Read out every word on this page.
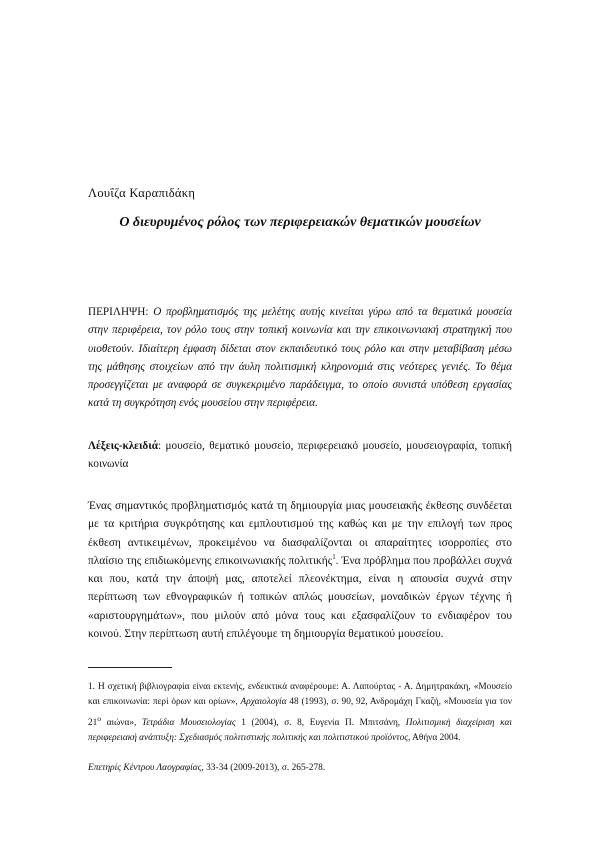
Λουΐζα Καραπιδάκη
Ο διευρυμένος ρόλος των περιφερειακών θεματικών μουσείων
ΠΕΡΙΛΗΨΗ: Ο προβληματισμός της μελέτης αυτής κινείται γύρω από τα θεματικά μουσεία στην περιφέρεια, τον ρόλο τους στην τοπική κοινωνία και την επικοινωνιακή στρατηγική που υιοθετούν. Ιδιαίτερη έμφαση δίδεται στον εκπαιδευτικό τους ρόλο και στην μεταβίβαση μέσω της μάθησης στοιχείων από την άυλη πολιτισμική κληρονομιά στις νεότερες γενιές. Το θέμα προσεγγίζεται με αναφορά σε συγκεκριμένο παράδειγμα, το οποίο συνιστά υπόθεση εργασίας κατά τη συγκρότηση ενός μουσείου στην περιφέρεια.
Λέξεις-κλειδιά: μουσείο, θεματικό μουσείο, περιφερειακό μουσείο, μουσειογραφία, τοπική κοινωνία
Ένας σημαντικός προβληματισμός κατά τη δημιουργία μιας μουσειακής έκθεσης συνδέεται με τα κριτήρια συγκρότησης και εμπλουτισμού της καθώς και με την επιλογή των προς έκθεση αντικειμένων, προκειμένου να διασφαλίζονται οι απαραίτητες ισορροπίες στο πλαίσιο της επιδιωκόμενης επικοινωνιακής πολιτικής$^1$. Ένα πρόβλημα που προβάλλει συχνά και που, κατά την άποψή μας, αποτελεί πλεονέκτημα, είναι η απουσία συχνά στην περίπτωση των εθνογραφικών ή τοπικών απλώς μουσείων, μοναδικών έργων τέχνης ή «αριστουργημάτων», που μιλούν από μόνα τους και εξασφαλίζουν το ενδιαφέρον του κοινού. Στην περίπτωση αυτή επιλέγουμε τη δημιουργία θεματικού μουσείου.
1. Η σχετική βιβλιογραφία είναι εκτενής, ενδεικτικά αναφέρουμε: Α. Λαπούρτας - Α. Δημητρακάκη, «Μουσείο και επικοινωνία: περί όρων και ορίων», Αρχαιολογία 48 (1993), σ. 90, 92, Ανδρομάχη Γκαζή, «Μουσεία για τον $21^o$ αιώνα», Τετράδια Μουσειολογίας 1 (2004), σ. 8, Ευγενία Π. Μπιτσάνη, Πολιτισμική διαχείριση και περιφερειακή ανάπτυξη: Σχεδιασμός πολιτιστικής πολιτικής και πολιτιστικού προϊόντος, Αθήνα 2004.
Επετηρίς Κέντρου Λαογραφίας, 33-34 (2009-2013), σ. 265-278.
